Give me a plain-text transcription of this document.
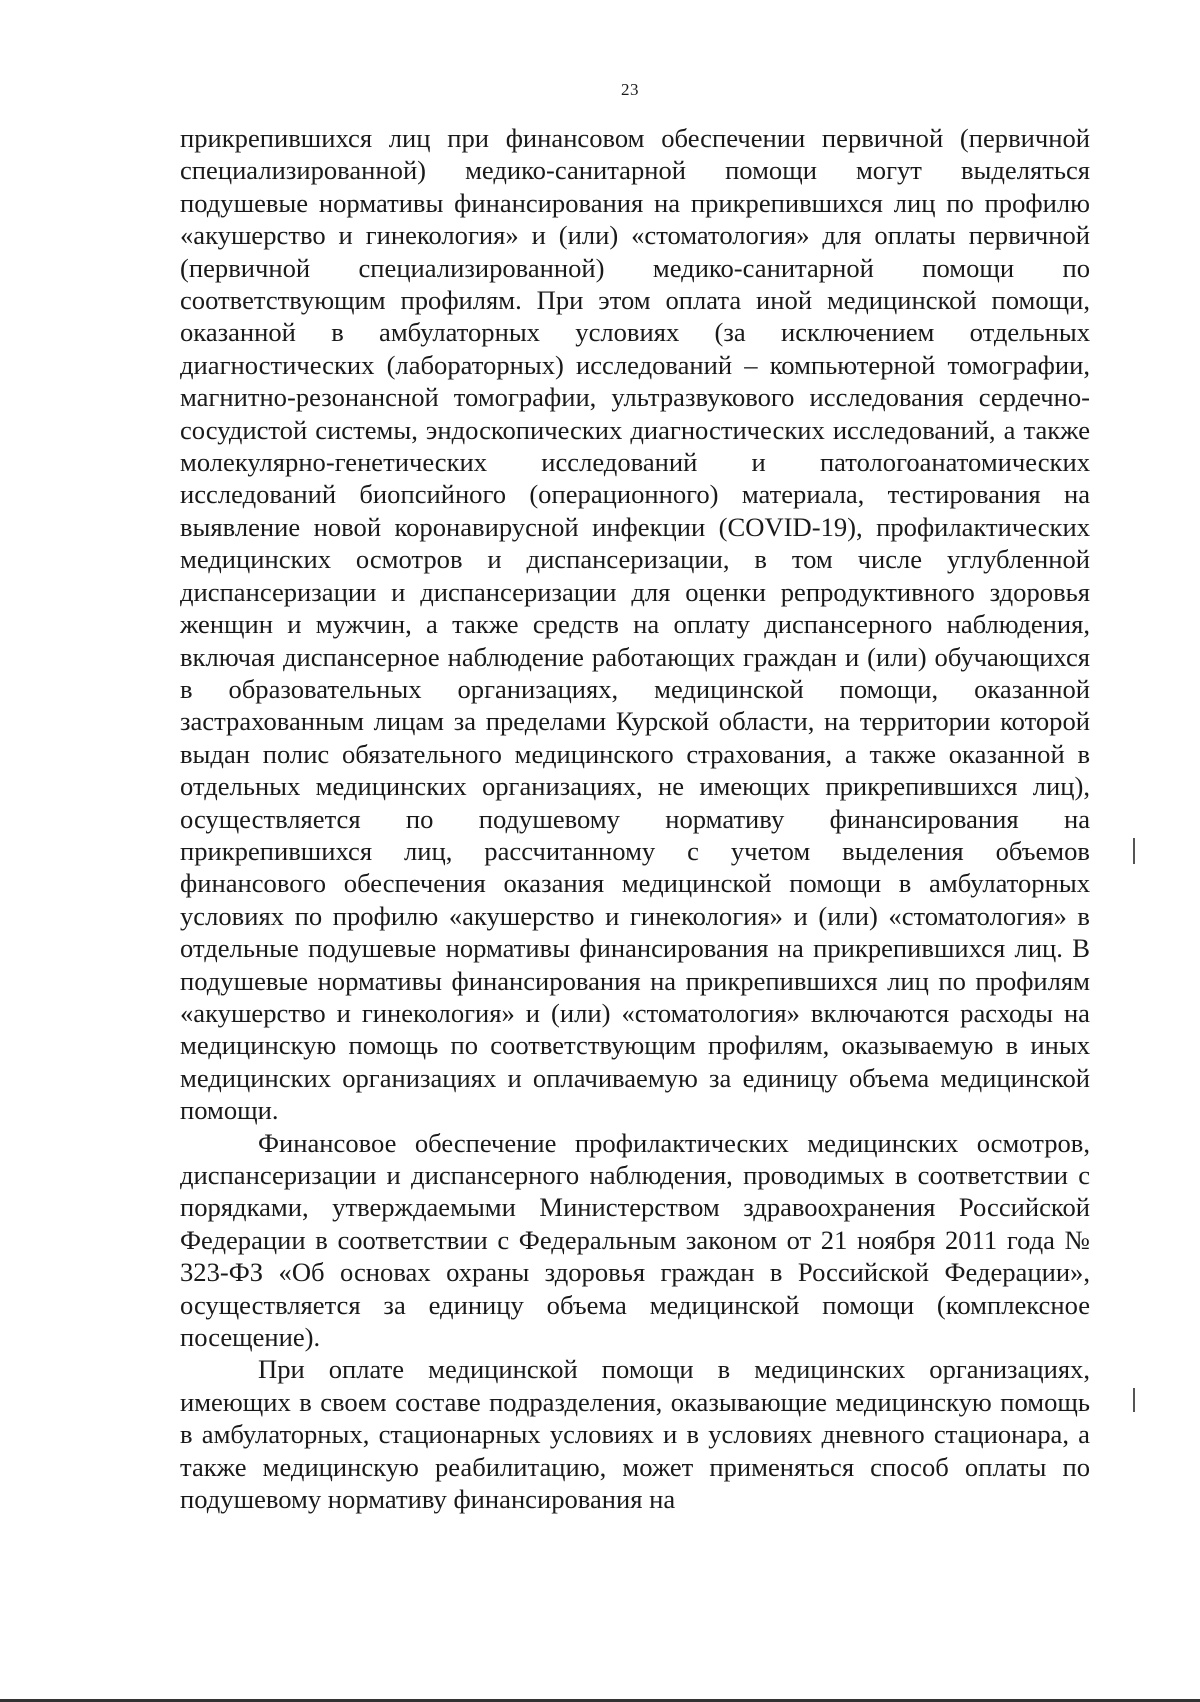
23

прикрепившихся лиц при финансовом обеспечении первичной (первичной специализированной) медико-санитарной помощи могут выделяться подушевые нормативы финансирования на прикрепившихся лиц по профилю «акушерство и гинекология» и (или) «стоматология» для оплаты первичной (первичной специализированной) медико-санитарной помощи по соответствующим профилям. При этом оплата иной медицинской помощи, оказанной в амбулаторных условиях (за исключением отдельных диагностических (лабораторных) исследований – компьютерной томографии, магнитно-резонансной томографии, ультразвукового исследования сердечно-сосудистой системы, эндоскопических диагностических исследований, а также молекулярно-генетических исследований и патологоанатомических исследований биопсийного (операционного) материала, тестирования на выявление новой коронавирусной инфекции (COVID-19), профилактических медицинских осмотров и диспансеризации, в том числе углубленной диспансеризации и диспансеризации для оценки репродуктивного здоровья женщин и мужчин, а также средств на оплату диспансерного наблюдения, включая диспансерное наблюдение работающих граждан и (или) обучающихся в образовательных организациях, медицинской помощи, оказанной застрахованным лицам за пределами Курской области, на территории которой выдан полис обязательного медицинского страхования, а также оказанной в отдельных медицинских организациях, не имеющих прикрепившихся лиц), осуществляется по подушевому нормативу финансирования на прикрепившихся лиц, рассчитанному с учетом выделения объемов финансового обеспечения оказания медицинской помощи в амбулаторных условиях по профилю «акушерство и гинекология» и (или) «стоматология» в отдельные подушевые нормативы финансирования на прикрепившихся лиц. В подушевые нормативы финансирования на прикрепившихся лиц по профилям «акушерство и гинекология» и (или) «стоматология» включаются расходы на медицинскую помощь по соответствующим профилям, оказываемую в иных медицинских организациях и оплачиваемую за единицу объема медицинской помощи.

Финансовое обеспечение профилактических медицинских осмотров, диспансеризации и диспансерного наблюдения, проводимых в соответствии с порядками, утверждаемыми Министерством здравоохранения Российской Федерации в соответствии с Федеральным законом от 21 ноября 2011 года № 323-ФЗ «Об основах охраны здоровья граждан в Российской Федерации», осуществляется за единицу объема медицинской помощи (комплексное посещение).

При оплате медицинской помощи в медицинских организациях, имеющих в своем составе подразделения, оказывающие медицинскую помощь в амбулаторных, стационарных условиях и в условиях дневного стационара, а также медицинскую реабилитацию, может применяться способ оплаты по подушевому нормативу финансирования на
